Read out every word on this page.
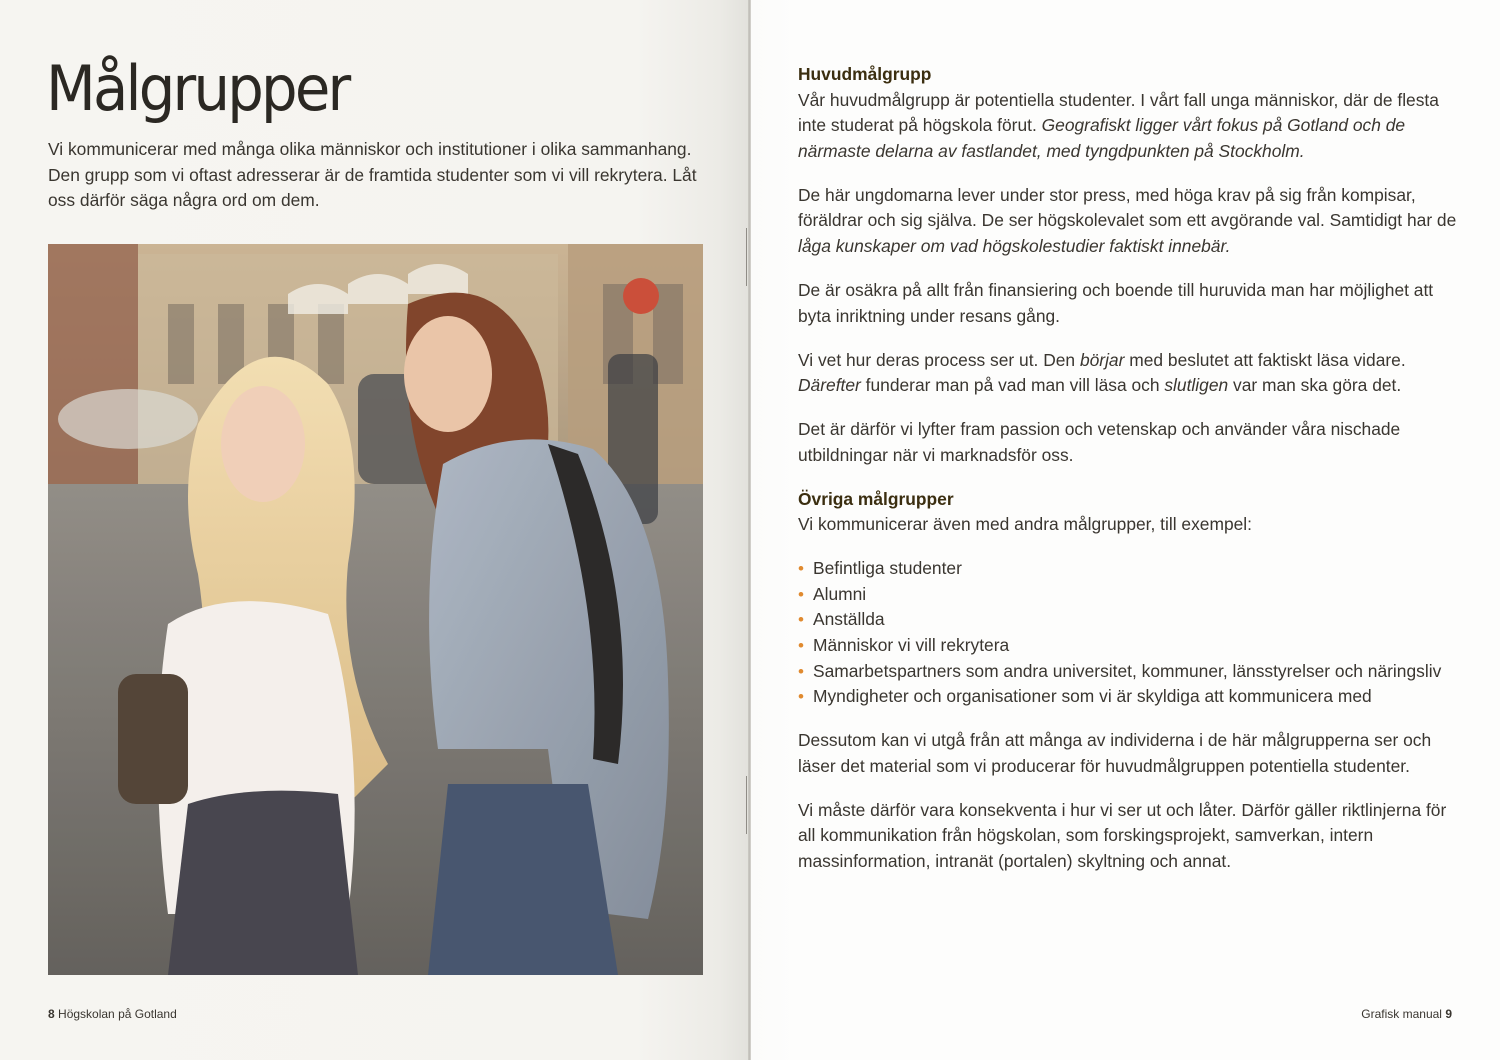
Målgrupper

Vi kommunicerar med många olika människor och institutioner i olika sammanhang. Den grupp som vi oftast adresserar är de framtida studenter som vi vill rekrytera. Låt oss därför säga några ord om dem.

8 Högskolan på Gotland
Huvudmålgrupp

Vår huvudmålgrupp är potentiella studenter. I vårt fall unga människor, där de flesta inte studerat på högskola förut. Geografiskt ligger vårt fokus på Gotland och de närmaste delarna av fastlandet, med tyngdpunkten på Stockholm.

De här ungdomarna lever under stor press, med höga krav på sig från kompisar, föräldrar och sig själva. De ser högskolevalet som ett avgörande val. Samtidigt har de låga kunskaper om vad högskolestudier faktiskt innebär.

De är osäkra på allt från finansiering och boende till huruvida man har möjlighet att byta inriktning under resans gång.

Vi vet hur deras process ser ut. Den börjar med beslutet att faktiskt läsa vidare. Därefter funderar man på vad man vill läsa och slutligen var man ska göra det.

Det är därför vi lyfter fram passion och vetenskap och använder våra nischade utbildningar när vi marknadsför oss.

Övriga målgrupper

Vi kommunicerar även med andra målgrupper, till exempel:

• Befintliga studenter
• Alumni
• Anställda
• Människor vi vill rekrytera
• Samarbetspartners som andra universitet, kommuner, länsstyrelser och näringsliv
• Myndigheter och organisationer som vi är skyldiga att kommunicera med

Dessutom kan vi utgå från att många av individerna i de här målgrupperna ser och läser det material som vi producerar för huvudmålgruppen potentiella studenter.

Vi måste därför vara konsekventa i hur vi ser ut och låter. Därför gäller riktlinjerna för all kommunikation från högskolan, som forskingsprojekt, samverkan, intern massinformation, intranät (portalen) skyltning och annat.

Grafisk manual 9
